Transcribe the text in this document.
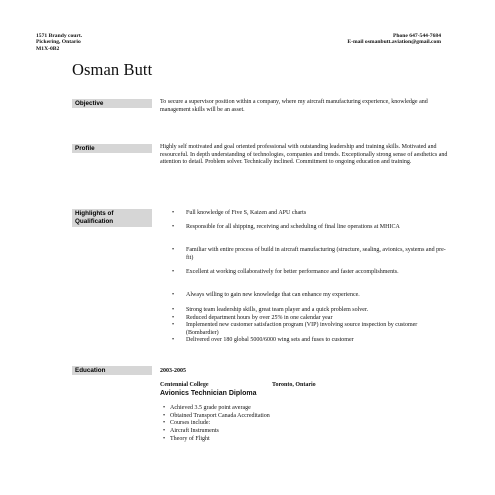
1571 Brandy court.
Pickering, Ontario
M1X-0B2
Phone 647-544-7684
E-mail osmanbutt.aviation@gmail.com
Osman Butt
Objective	To secure a supervisor position within a company, where my aircraft manufacturing experience, knowledge and management skills will be an asset.
Profile	Highly self motivated and goal oriented professional with outstanding leadership and training skills. Motivated and resourceful. In depth understanding of technologies, companies and trends. Exceptionally strong sense of aesthetics and attention to detail. Problem solver. Technically inclined. Commitment to ongoing education and training.
Highlights of Qualification
• Full knowledge of Five S, Kaizen and APU charts
• Responsible for all shipping, receiving and scheduling of final line operations at MHICA
• Familiar with entire process of build in aircraft manufacturing (structure, sealing, avionics, systems and pre-fit)
• Excellent at working collaboratively for better performance and faster accomplishments.
• Always willing to gain new knowledge that can enhance my experience.
• Strong team leadership skills, great team player and a quick problem solver.
• Reduced department hours by over 25% in one calendar year
• Implemented new customer satisfaction program (VIP) involving source inspection by customer (Bombardier)
• Delivered over 180 global 5000/6000 wing sets and fuses to customer
Education	2003-2005
Centennial College	Toronto, Ontario
Avionics Technician Diploma
• Achieved 3.5 grade point average
• Obtained Transport Canada Accreditation
• Courses include:
• Aircraft Instruments
• Theory of Flight
